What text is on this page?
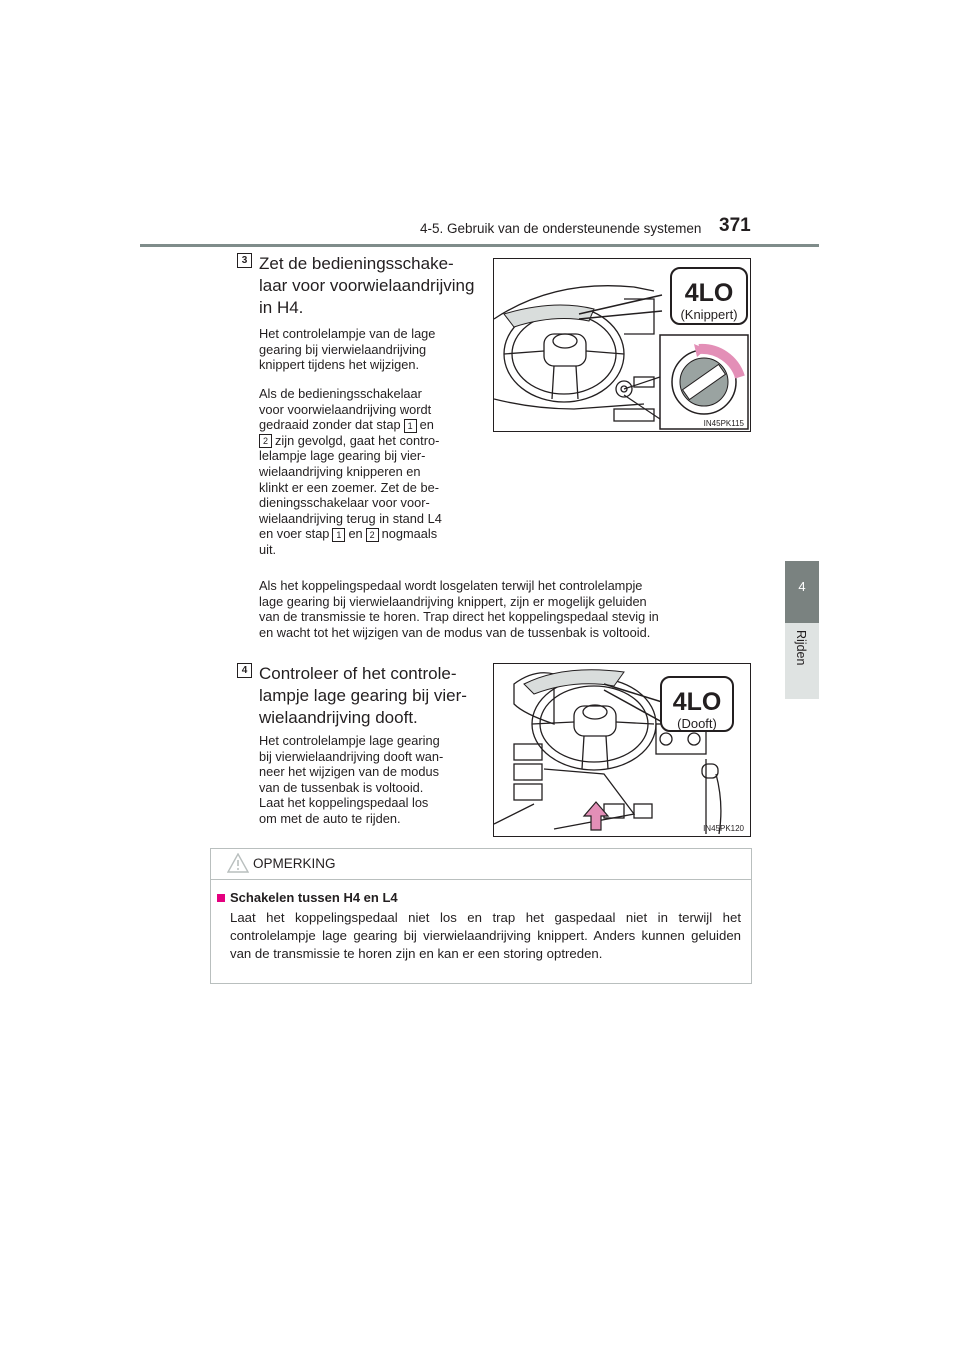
4-5. Gebruik van de ondersteunende systemen 371
4
Rijden
3 Zet de bedieningsschake-
laar voor voorwielaandrijving
in H4.
Het controlelampje van de lage
gearing bij vierwielaandrijving
knippert tijdens het wijzigen.
Als de bedieningsschakelaar
voor voorwielaandrijving wordt
gedraaid zonder dat stap 1 en
2 zijn gevolgd, gaat het contro-
lelampje lage gearing bij vier-
wielaandrijving knipperen en
klinkt er een zoemer. Zet de be-
dieningsschakelaar voor voor-
wielaandrijving terug in stand L4
en voer stap 1 en 2 nogmaals
uit.
4LO
(Knippert)
IN45PK115
Als het koppelingspedaal wordt losgelaten terwijl het controlelampje
lage gearing bij vierwielaandrijving knippert, zijn er mogelijk geluiden
van de transmissie te horen. Trap direct het koppelingspedaal stevig in
en wacht tot het wijzigen van de modus van de tussenbak is voltooid.
4 Controleer of het controle-
lampje lage gearing bij vier-
wielaandrijving dooft.
Het controlelampje lage gearing
bij vierwielaandrijving dooft wan-
neer het wijzigen van de modus
van de tussenbak is voltooid.
Laat het koppelingspedaal los
om met de auto te rijden.
4LO
(Dooft)
IN45PK120
OPMERKING
Schakelen tussen H4 en L4
Laat het koppelingspedaal niet los en trap het gaspedaal niet in terwijl het controlelampje lage gearing bij vierwielaandrijving knippert. Anders kunnen geluiden van de transmissie te horen zijn en kan er een storing optreden.
